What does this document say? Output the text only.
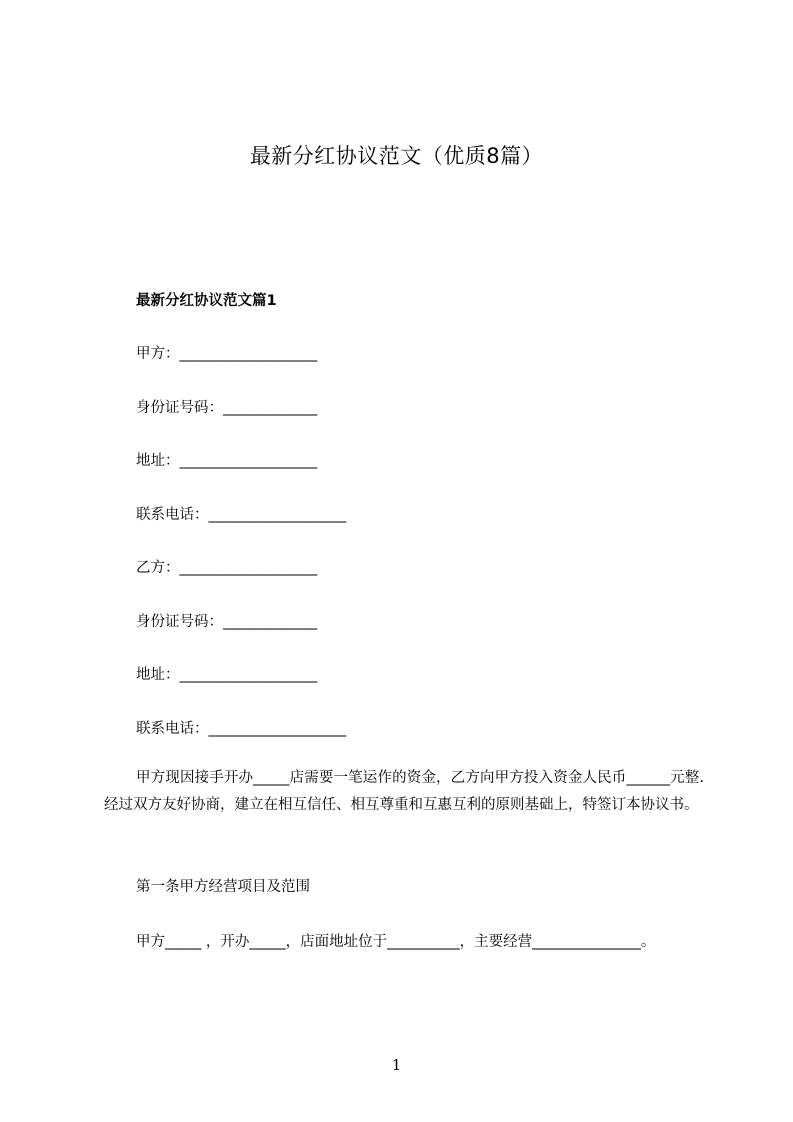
最新分红协议范文（优质8篇）
最新分红协议范文篇1
甲方：___________________
身份证号码：_____________
地址：___________________
联系电话：___________________
乙方：___________________
身份证号码：_____________
地址：___________________
联系电话：___________________
甲方现因接手开办_____店需要一笔运作的资金，乙方向甲方投入资金人民币______元整.经过双方友好协商，建立在相互信任、相互尊重和互惠互利的原则基础上，特签订本协议书。
第一条甲方经营项目及范围
甲方_____ ，开办_____，店面地址位于__________，主要经营_______________。
1
